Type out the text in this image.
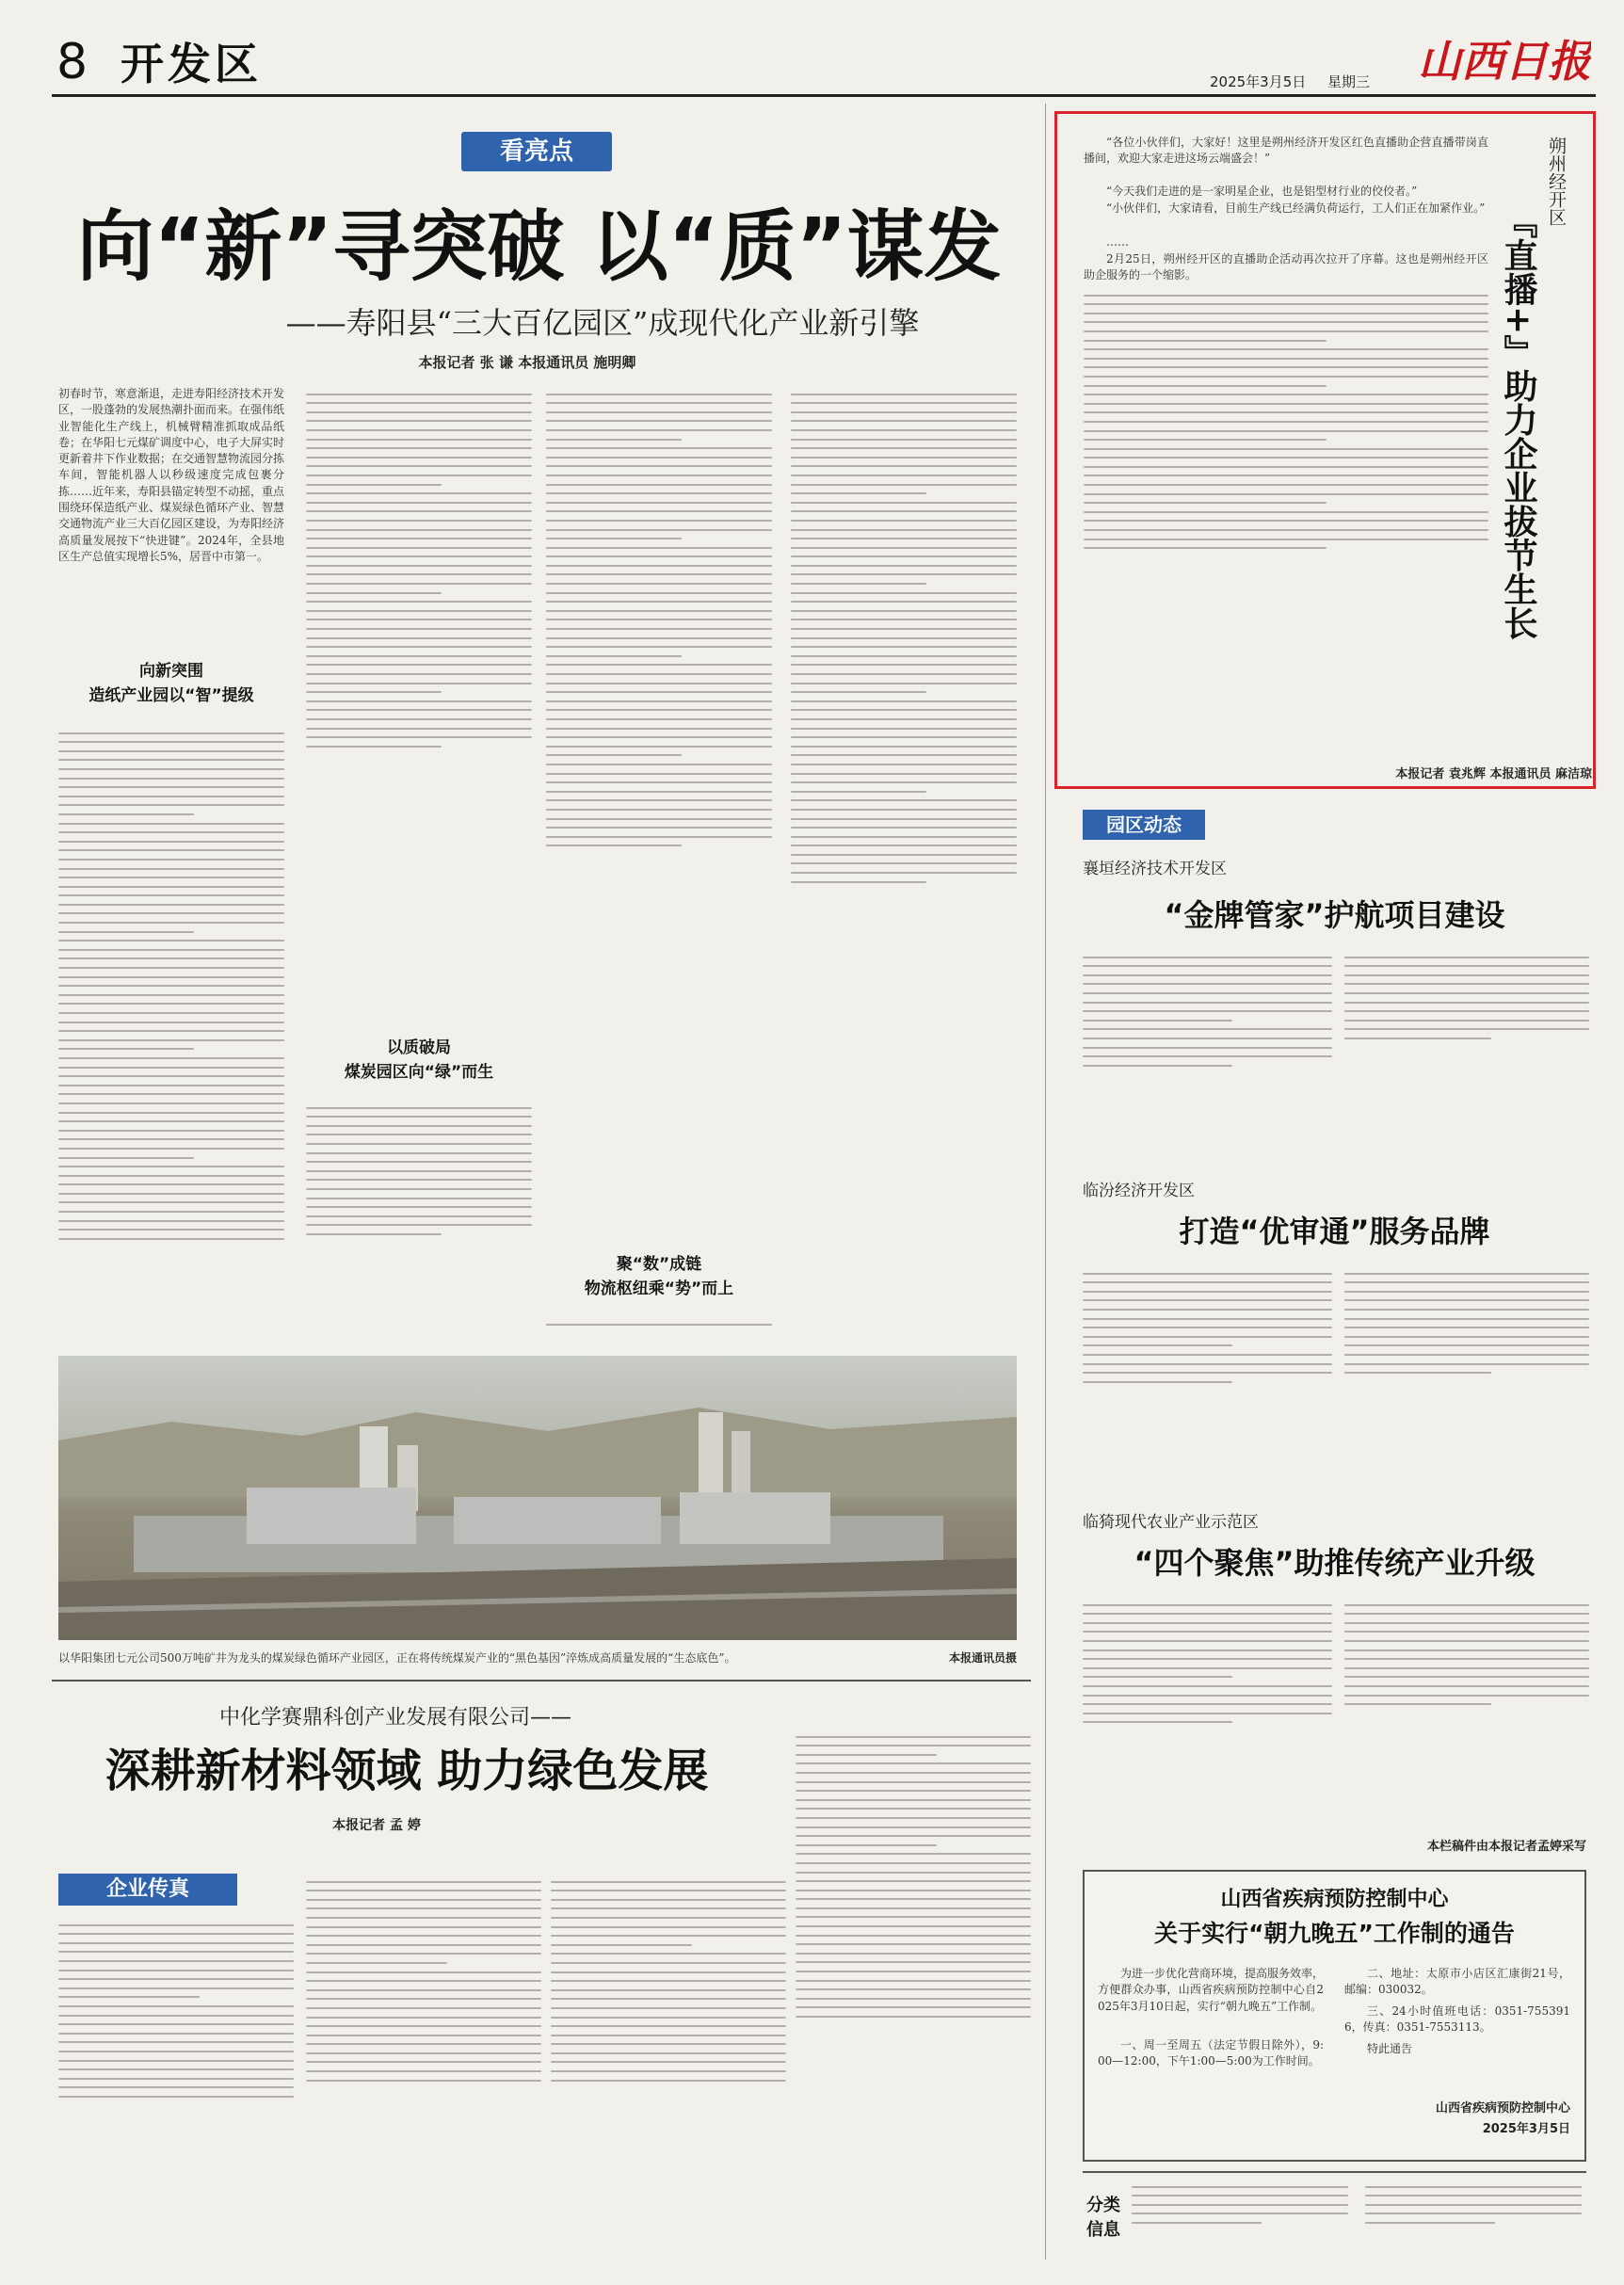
8 开发区	2025年3月5日	星期三	山西日报
看亮点
向“新”寻突破 以“质”谋发
——寿阳县“三大百亿园区”成现代化产业新引擎
本报记者 张 谦 本报通讯员 施明卿
初春时节，寒意渐退，走进寿阳经济技术开发区，一股蓬勃的发展热潮扑面而来。在强伟纸业智能化生产线上，机械臂精准抓取成品纸卷；在华阳七元煤矿调度中心，电子大屏实时更新着井下作业数据；在交通智慧物流园分拣车间，智能机器人以秒级速度完成包裹分拣……近年来，寿阳县锚定转型不动摇，重点围绕环保造纸产业、煤炭绿色循环产业、智慧交通物流产业三大百亿园区建设，为寿阳经济高质量发展按下“快进键”。2024年，全县地区生产总值实现增长5%，居晋中市第一。
向新突围
造纸产业园以“智”提级
以质破局
煤炭园区向“绿”而生
聚“数”成链
物流枢纽乘“势”而上
以华阳集团七元公司500万吨矿井为龙头的煤炭绿色循环产业园区，正在将传统煤炭产业的“黑色基因”淬炼成高质量发展的“生态底色”。	本报通讯员摄
中化学赛鼎科创产业发展有限公司——
深耕新材料领域 助力绿色发展
本报记者 孟 婷
企业传真
“各位小伙伴们，大家好！这里是朔州经济开发区红色直播助企营直播带岗直播间，欢迎大家走进这场云端盛会！”
“今天我们走进的是一家明星企业，也是铝型材行业的佼佼者。”
“小伙伴们，大家请看，目前生产线已经满负荷运行，工人们正在加紧作业。”
……
2月25日，朔州经开区的直播助企活动再次拉开了序幕。这也是朔州经开区助企服务的一个缩影。
本报记者 袁兆辉 本报通讯员 麻洁琼
朔州经开区
『直播+』助力企业拔节生长
园区动态
襄垣经济技术开发区
“金牌管家”护航项目建设
临汾经济开发区
打造“优审通”服务品牌
临猗现代农业产业示范区
“四个聚焦”助推传统产业升级
本栏稿件由本报记者孟婷采写
山西省疾病预防控制中心
关于实行“朝九晚五”工作制的通告
为进一步优化营商环境，提高服务效率，方便群众办事，山西省疾病预防控制中心自2025年3月10日起，实行“朝九晚五”工作制。
一、周一至周五（法定节假日除外），9:00—12:00，下午1:00—5:00为工作时间。
二、地址：太原市小店区汇康街21号，邮编：030032。
三、24小时值班电话：0351-7553916，传真：0351-7553113。
特此通告
山西省疾病预防控制中心
2025年3月5日
分类
信息
